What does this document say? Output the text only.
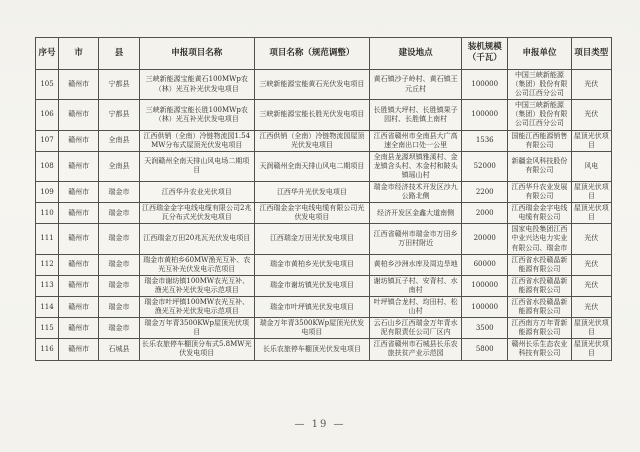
序号	市	县	申报项目名称	项目名称（规范调整）	建设地点	装机规模（千瓦）	申报单位	项目类型
105	赣州市	宁都县	三峡新能源宝能黄石100MWp农（林）光互补光伏发电项目	三峡新能源宝能黄石光伏发电项目	黄石镇沙子岭村、黄石镇王元丘村	100000	中国三峡新能源（集团）股份有限公司江西分公司	光伏
106	赣州市	宁都县	三峡新能源宝能长胜100MWp农（林）光互补光伏发电项目	三峡新能源宝能长胜光伏发电项目	长胜镇大坪村、长胜镇果子园村、长胜镇上南村	100000	中国三峡新能源（集团）股份有限公司江西分公司	光伏
107	赣州市	全南县	江西供销（全南）冷链物流园1.54MW分布式屋顶光伏发电项目	江西供销（全南）冷链物流园屋顶光伏发电项目	江西省赣州市全南县大广高速全南出口处一公里	1536	国能江西能源销售有限公司	屋顶光伏项目
108	赣州市	全南县	天润赣州全南天排山风电场二期项目	天润赣州全南天排山风电二期项目	全南县龙源坝镇雅溪村、金龙镇含头村、木金村和陂头镇瑶山村	52000	新疆金风科技股份有限公司	风电
109	赣州市	瑞金市	江西华升农业光伏项目	江西华升光伏发电项目	瑞金市经济技术开发区沙九公路北侧	2200	江西华升农业发展有限公司	屋顶光伏项目
110	赣州市	瑞金市	江西瑞金金字电线电缆有限公司2兆瓦分布式光伏发电项目	江西瑞金金字电线电缆有限公司光伏发电项目	经济开发区金鑫大道南侧	2000	江西瑞金金字电线电缆有限公司	屋顶光伏项目
111	赣州市	瑞金市	江西瑞金万田20兆瓦光伏发电项目	江西瑞金万田光伏发电项目	江西省赣州市瑞金市万田乡万田村附近	20000	国家电投集团江西中业兴达电力实业有限公司、瑞金市	光伏
112	赣州市	瑞金市	瑞金市黄柏乡60MW渔光互补、农光互补光伏发电示范项目	瑞金市黄柏乡光伏发电项目	黄柏乡沙洲水库及周边旱地	60000	江西省水投赣晶新能源有限公司	光伏
113	赣州市	瑞金市	瑞金市谢坊镇100MW农光互补、渔光互补光伏发电示范项目	瑞金市谢坊镇光伏发电项目	谢坊镇瓦子村、安背村、水南村	100000	江西省水投赣晶新能源有限公司	光伏
114	赣州市	瑞金市	瑞金市叶坪镇100MW农光互补、渔光互补光伏发电示范项目	瑞金市叶坪镇光伏发电项目	叶坪镇合龙村、均田村、松山村	100000	江西省水投赣晶新能源有限公司	光伏
115	赣州市	瑞金市	瑞金万年青3500KWp屋顶光伏项目	瑞金万年青3500KWp屋顶光伏发电项目	云石山乡江西瑞金万年青水泥有限责任公司厂区内	3500	江西南方万年青新能源有限公司	屋顶光伏项目
116	赣州市	石城县	长乐农旅停车棚顶分布式5.8MW光伏发电项目	长乐农旅停车棚顶光伏发电项目	江西省赣州市石城县长乐农旅扶贫产业示范园	5800	赣州长乐生态农业科技有限公司	屋顶光伏项目
— 19 —
